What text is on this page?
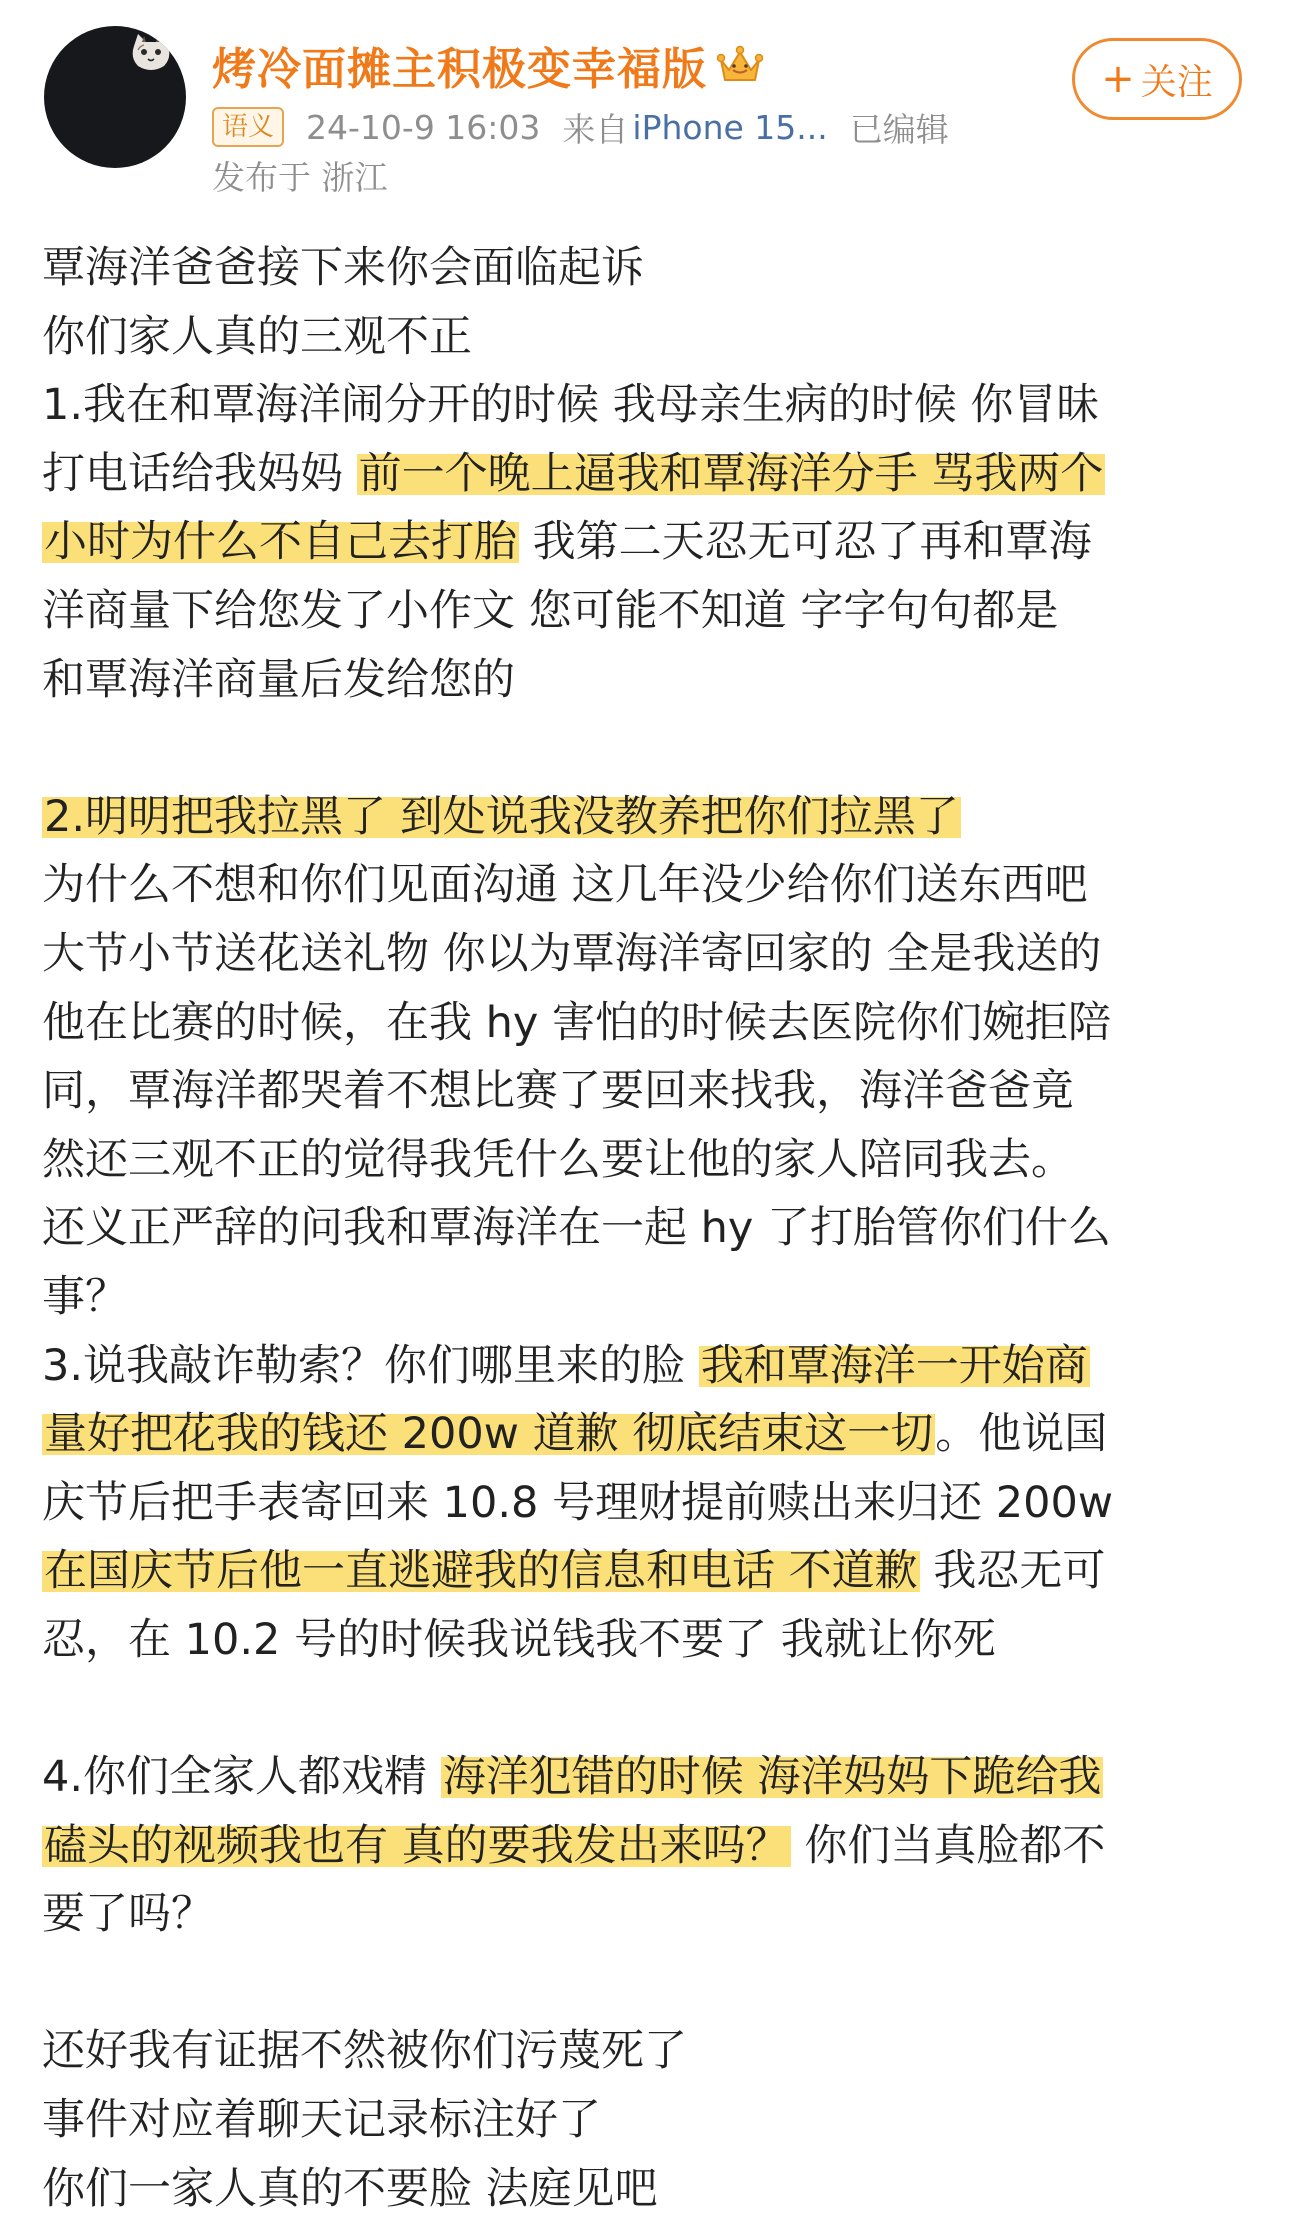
烤冷面摊主积极变幸福版	+ 关注
语义 24-10-9 16:03 来自 iPhone 15... 已编辑
发布于 浙江
覃海洋爸爸接下来你会面临起诉
你们家人真的三观不正
1.我在和覃海洋闹分开的时候 我母亲生病的时候 你冒昧
打电话给我妈妈 前一个晚上逼我和覃海洋分手 骂我两个
小时为什么不自己去打胎 我第二天忍无可忍了再和覃海
洋商量下给您发了小作文 您可能不知道 字字句句都是
和覃海洋商量后发给您的
2.明明把我拉黑了 到处说我没教养把你们拉黑了
为什么不想和你们见面沟通 这几年没少给你们送东西吧
大节小节送花送礼物 你以为覃海洋寄回家的 全是我送的
他在比赛的时候，在我 hy 害怕的时候去医院你们婉拒陪
同，覃海洋都哭着不想比赛了要回来找我，海洋爸爸竟
然还三观不正的觉得我凭什么要让他的家人陪同我去。
还义正严辞的问我和覃海洋在一起 hy 了打胎管你们什么
事？
3.说我敲诈勒索？你们哪里来的脸 我和覃海洋一开始商
量好把花我的钱还 200w 道歉 彻底结束这一切。他说国
庆节后把手表寄回来 10.8 号理财提前赎出来归还 200w
在国庆节后他一直逃避我的信息和电话 不道歉 我忍无可
忍，在 10.2 号的时候我说钱我不要了 我就让你死
4.你们全家人都戏精 海洋犯错的时候 海洋妈妈下跪给我
磕头的视频我也有 真的要我发出来吗？ 你们当真脸都不
要了吗？
还好我有证据不然被你们污蔑死了
事件对应着聊天记录标注好了
你们一家人真的不要脸 法庭见吧
